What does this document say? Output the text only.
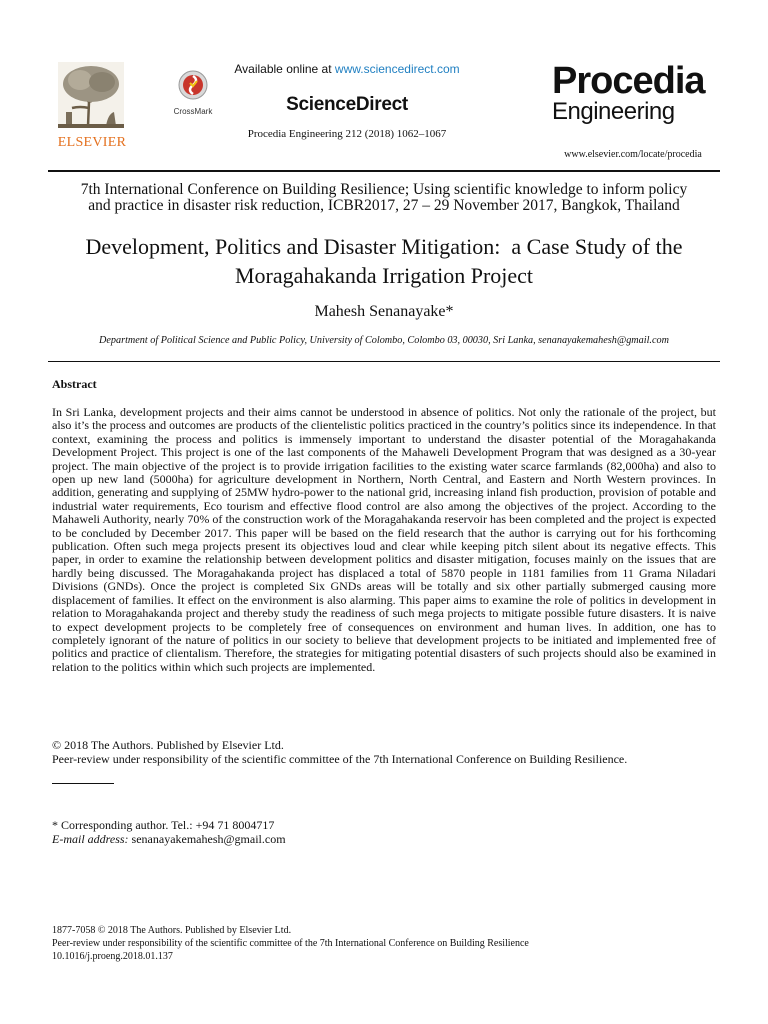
ELSEVIER
CrossMark
Available online at www.sciencedirect.com
ScienceDirect
Procedia Engineering 212 (2018) 1062–1067
Procedia
Engineering
www.elsevier.com/locate/procedia
7th International Conference on Building Resilience; Using scientific knowledge to inform policy
and practice in disaster risk reduction, ICBR2017, 27 – 29 November 2017, Bangkok, Thailand
Development, Politics and Disaster Mitigation:  a Case Study of the
Moragahakanda Irrigation Project
Mahesh Senanayake*
Department of Political Science and Public Policy, University of Colombo, Colombo 03, 00030, Sri Lanka, senanayakemahesh@gmail.com
Abstract
In Sri Lanka, development projects and their aims cannot be understood in absence of politics. Not only the rationale of the project, but also it’s the process and outcomes are products of the clientelistic politics practiced in the country’s politics since its independence. In that context, examining the process and politics is immensely important to understand the disaster potential of the Moragahakanda Development Project. This project is one of the last components of the Mahaweli Development Program that was designed as a 30-year project. The main objective of the project is to provide irrigation facilities to the existing water scarce farmlands (82,000ha) and also to open up new land (5000ha) for agriculture development in Northern, North Central, and Eastern and North Western provinces. In addition, generating and supplying of 25MW hydro-power to the national grid, increasing inland fish production, provision of potable and industrial water requirements, Eco tourism and effective flood control are also among the objectives of the project. According to the Mahaweli Authority, nearly 70% of the construction work of the Moragahakanda reservoir has been completed and the project is expected to be concluded by December 2017. This paper will be based on the field research that the author is carrying out for his forthcoming publication. Often such mega projects present its objectives loud and clear while keeping pitch silent about its negative effects. This paper, in order to examine the relationship between development politics and disaster mitigation, focuses mainly on the issues that are hardly being discussed. The Moragahakanda project has displaced a total of 5870 people in 1181 families from 11 Grama Niladari Divisions (GNDs). Once the project is completed Six GNDs areas will be totally and six other partially submerged causing more displacement of families. It effect on the environment is also alarming. This paper aims to examine the role of politics in development in relation to Moragahakanda project and thereby study the readiness of such mega projects to mitigate possible future disasters. It is naive to expect development projects to be completely free of consequences on environment and human lives. In addition, one has to completely ignorant of the nature of politics in our society to believe that development projects to be initiated and implemented free of politics and practice of clientalism. Therefore, the strategies for mitigating potential disasters of such projects should also be examined in relation to the politics within which such projects are implemented.
© 2018 The Authors. Published by Elsevier Ltd.
Peer-review under responsibility of the scientific committee of the 7th International Conference on Building Resilience.
* Corresponding author. Tel.: +94 71 8004717
E-mail address: senanayakemahesh@gmail.com
1877-7058 © 2018 The Authors. Published by Elsevier Ltd.
Peer-review under responsibility of the scientific committee of the 7th International Conference on Building Resilience
10.1016/j.proeng.2018.01.137
